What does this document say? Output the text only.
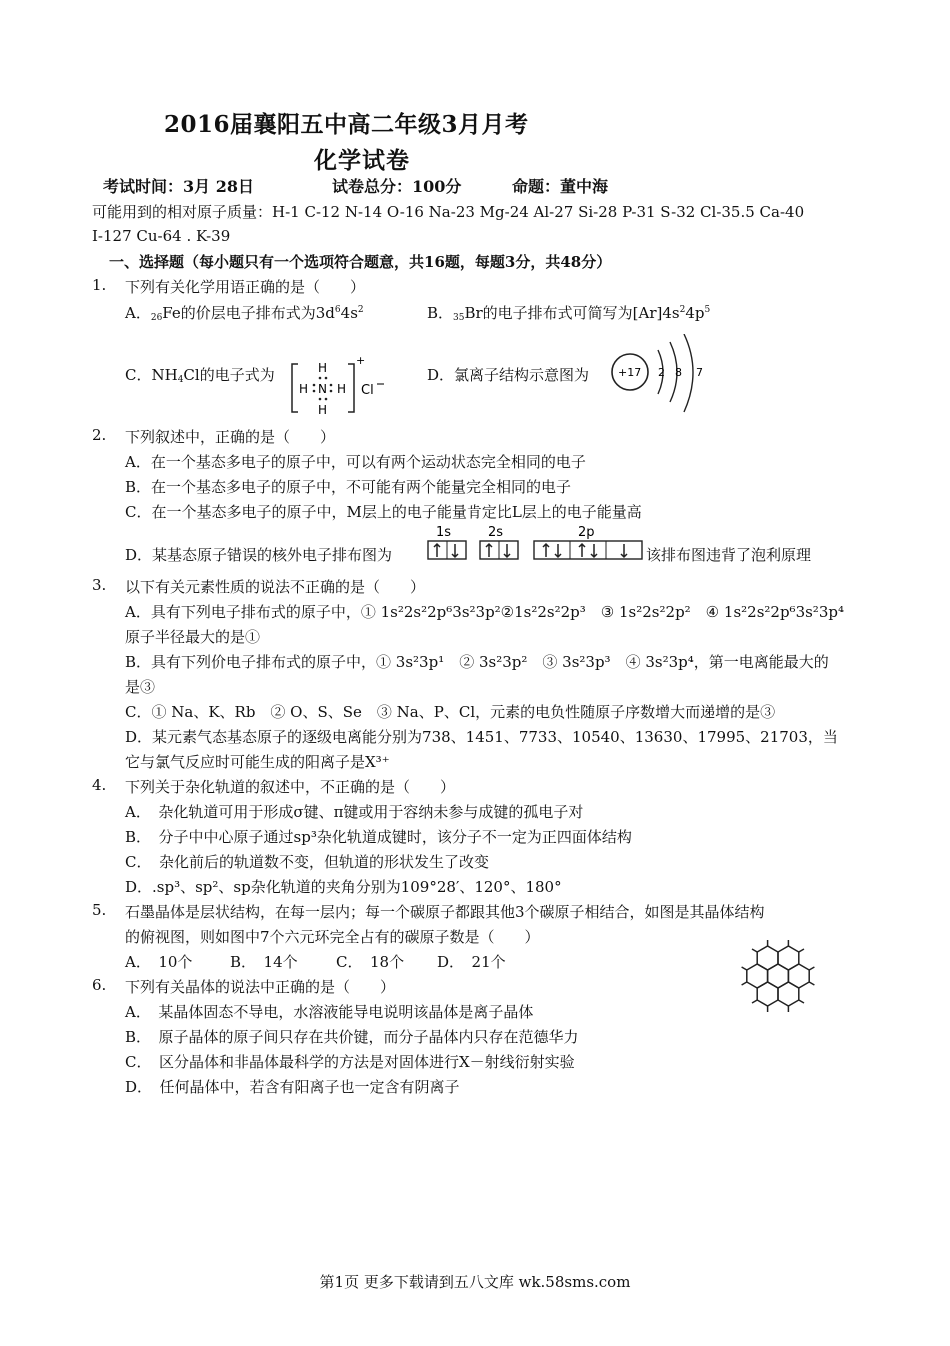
2016届襄阳五中高二年级3月月考
化学试卷
考试时间：3月 28日	试卷总分：100分	命题：董中海
可能用到的相对原子质量：H-1 C-12 N-14 O-16 Na-23 Mg-24 Al-27 Si-28 P-31 S-32 Cl-35.5 Ca-40
I-127 Cu-64 . K-39
一、选择题（每小题只有一个选项符合题意，共16题，每题3分，共48分）
1. 下列有关化学用语正确的是（　　）
A．$_{26}$Fe的价层电子排布式为$3d^64s^2$	B．$_{35}$Br的电子排布式可简写为$[Ar]4s^24p^5$
C．$NH_4Cl$的电子式为	H
H N H
H
+
Cl
D．氯离子结构示意图为	+17 2 8 7
2. 下列叙述中，正确的是（　　）
A．在一个基态多电子的原子中，可以有两个运动状态完全相同的电子
B．在一个基态多电子的原子中，不可能有两个能量完全相同的电子
C．在一个基态多电子的原子中，M层上的电子能量肯定比L层上的电子能量高
D．某基态原子错误的核外电子排布图为
1s	2s	2p
该排布图违背了泡利原理
3. 以下有关元素性质的说法不正确的是（　　）
A．具有下列电子排布式的原子中，① 1s²2s²2p⁶3s²3p²②1s²2s²2p³　③ 1s²2s²2p²　④ 1s²2s²2p⁶3s²3p⁴
原子半径最大的是①
B．具有下列价电子排布式的原子中，① 3s²3p¹　② 3s²3p²　③ 3s²3p³　④ 3s²3p⁴，第一电离能最大的
是③
C．① Na、K、Rb　② O、S、Se　③ Na、P、Cl，元素的电负性随原子序数增大而递增的是③
D．某元素气态基态原子的逐级电离能分别为738、1451、7733、10540、13630、17995、21703，当
它与氯气反应时可能生成的阳离子是X³⁺
4. 下列关于杂化轨道的叙述中，不正确的是（　　）
A．　杂化轨道可用于形成σ键、π键或用于容纳未参与成键的孤电子对
B．　分子中中心原子通过sp³杂化轨道成键时，该分子不一定为正四面体结构
C．　杂化前后的轨道数不变，但轨道的形状发生了改变
D．.sp³、sp²、sp杂化轨道的夹角分别为109°28′、120°、180°
5. 石墨晶体是层状结构，在每一层内；每一个碳原子都跟其他3个碳原子相结合，如图是其晶体结构
的俯视图，则如图中7个六元环完全占有的碳原子数是（　　）
A．　10个	B．　14个	C．　18个 D．　21个
6. 下列有关晶体的说法中正确的是（　　）
A．　某晶体固态不导电，水溶液能导电说明该晶体是离子晶体
B．　原子晶体的原子间只存在共价键，而分子晶体内只存在范德华力
C．　区分晶体和非晶体最科学的方法是对固体进行X－射线衍射实验
D．　任何晶体中，若含有阳离子也一定含有阴离子
第1页 更多下载请到五八文库 wk.58sms.com
